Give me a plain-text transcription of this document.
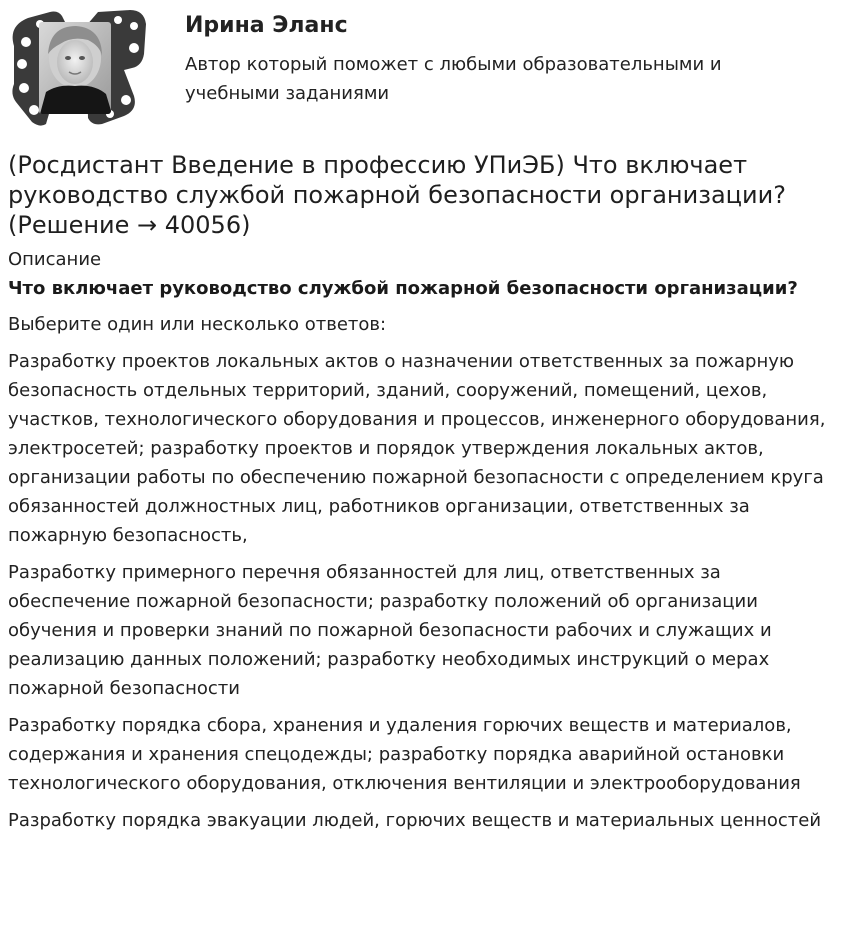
Ирина Эланс

Автор который поможет с любыми образовательными и учебными заданиями

(Росдистант Введение в профессию УПиЭБ) Что включает руководство службой пожарной безопасности организации? (Решение → 40056)
Описание
Что включает руководство службой пожарной безопасности организации?
Выберите один или несколько ответов:
Разработку проектов локальных актов о назначении ответственных за пожарную безопасность отдельных территорий, зданий, сооружений, помещений, цехов, участков, технологического оборудования и процессов, инженерного оборудования, электросетей; разработку проектов и порядок утверждения локальных актов, организации работы по обеспечению пожарной безопасности с определением круга обязанностей должностных лиц, работников организации, ответственных за пожарную безопасность,
Разработку примерного перечня обязанностей для лиц, ответственных за обеспечение пожарной безопасности; разработку положений об организации обучения и проверки знаний по пожарной безопасности рабочих и служащих и реализацию данных положений; разработку необходимых инструкций о мерах пожарной безопасности
Разработку порядка сбора, хранения и удаления горючих веществ и материалов, содержания и хранения спецодежды; разработку порядка аварийной остановки технологического оборудования, отключения вентиляции и электрооборудования
Разработку порядка эвакуации людей, горючих веществ и материальных ценностей
